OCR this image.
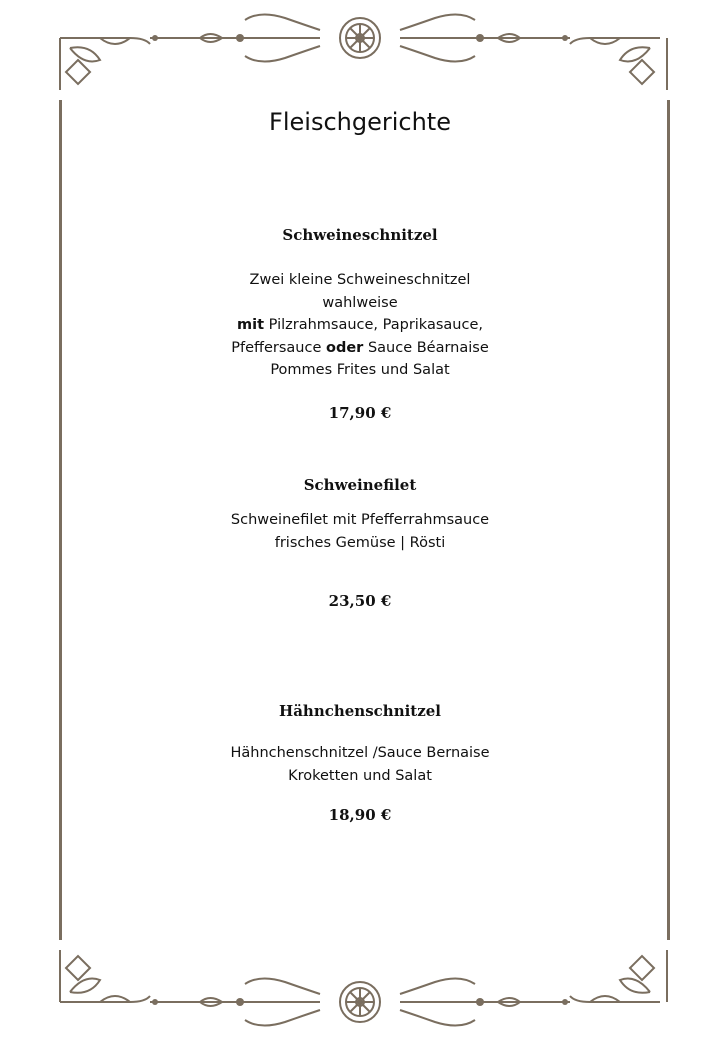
Fleischgerichte
Schweineschnitzel
Zwei kleine Schweineschnitzel
wahlweise
mit Pilzrahmsauce, Paprikasauce,
Pfeffersauce oder Sauce Béarnaise
Pommes Frites und Salat
17,90 €
Schweinefilet
Schweinefilet mit Pfefferrahmsauce
frisches Gemüse | Rösti
23,50 €
Hähnchenschnitzel
Hähnchenschnitzel /Sauce Bernaise
Kroketten und Salat
18,90 €
